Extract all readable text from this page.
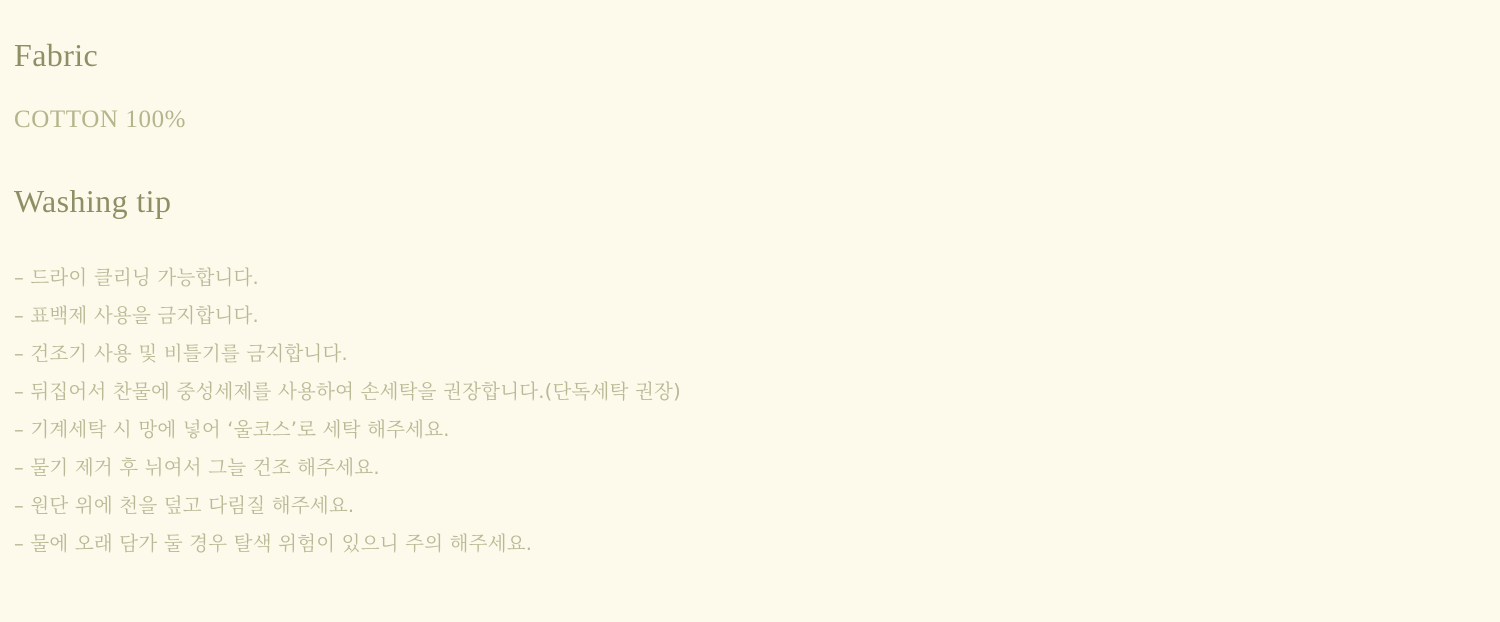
Fabric

COTTON 100%

Washing tip
– 드라이 클리닝 가능합니다.
– 표백제 사용을 금지합니다.
– 건조기 사용 및 비틀기를 금지합니다.
– 뒤집어서 찬물에 중성세제를 사용하여 손세탁을 권장합니다.(단독세탁 권장)
– 기계세탁 시 망에 넣어 ‘울코스’로 세탁 해주세요.
– 물기 제거 후 뉘여서 그늘 건조 해주세요.
– 원단 위에 천을 덮고 다림질 해주세요.
– 물에 오래 담가 둘 경우 탈색 위험이 있으니 주의 해주세요.
